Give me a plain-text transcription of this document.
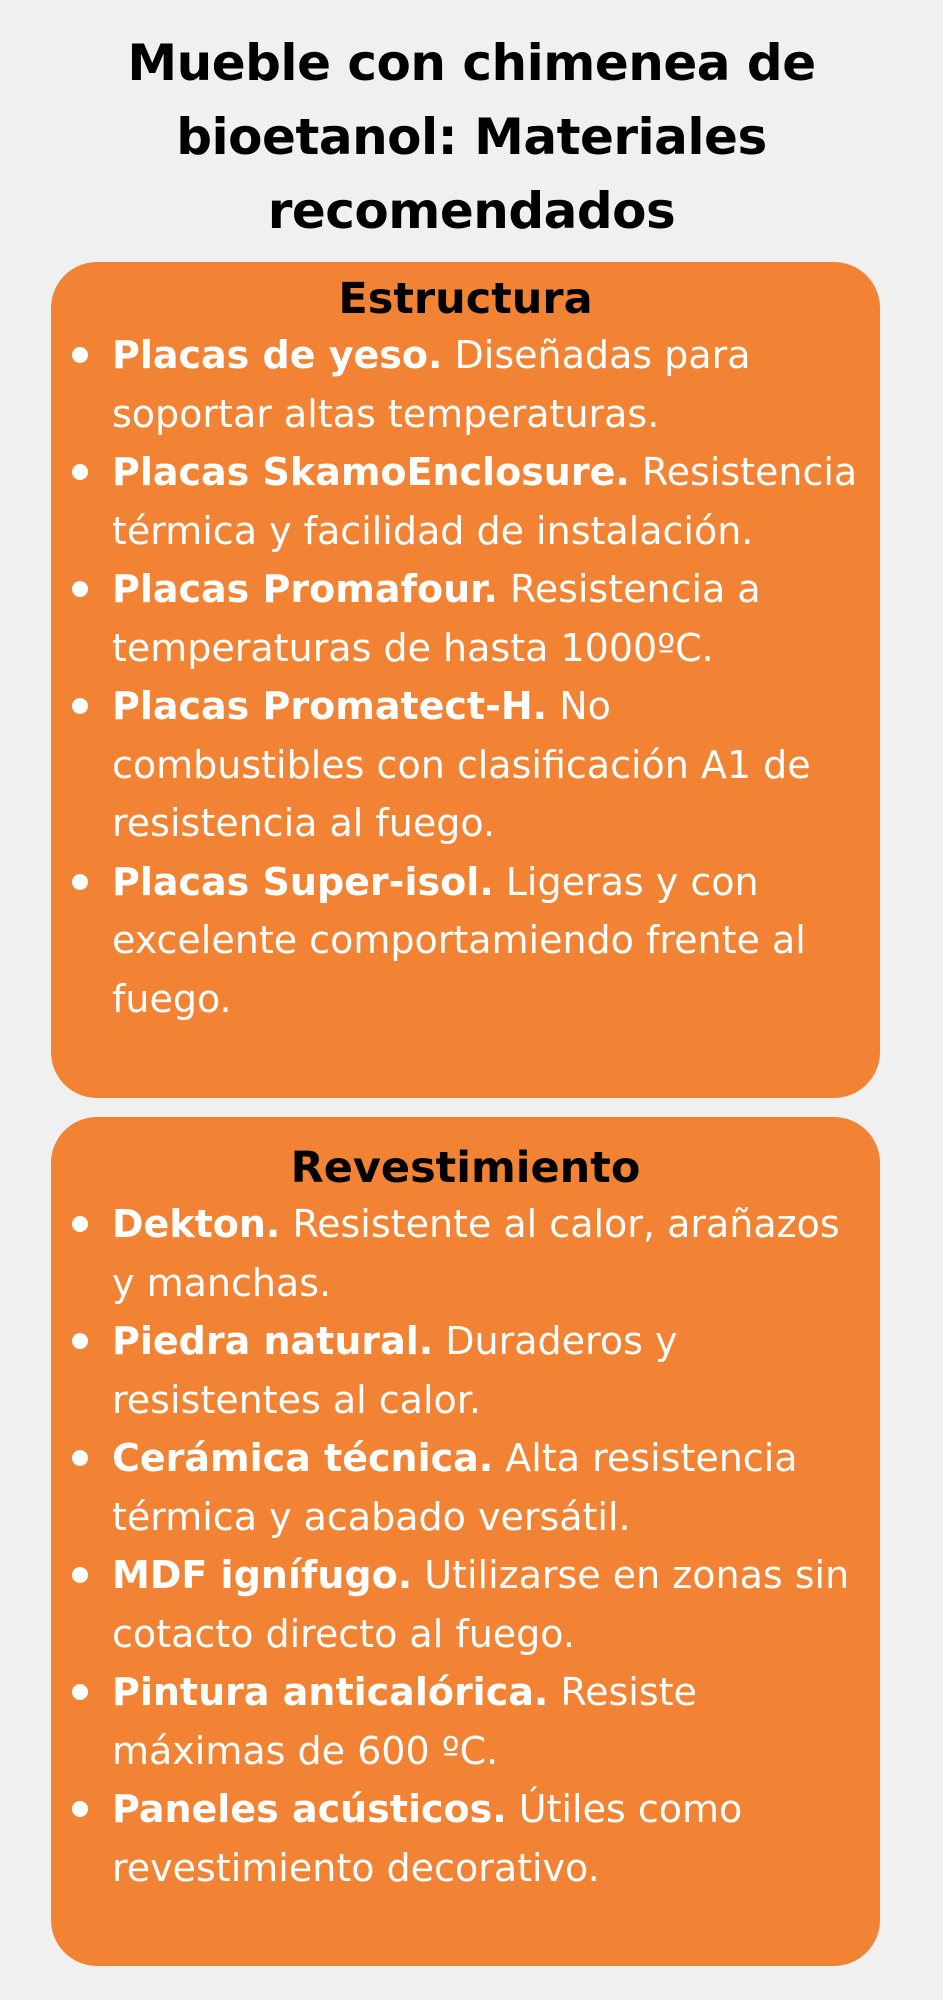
Mueble con chimenea de bioetanol: Materiales recomendados
Estructura
Placas de yeso. Diseñadas para soportar altas temperaturas.
Placas SkamoEnclosure. Resistencia térmica y facilidad de instalación.
Placas Promafour. Resistencia a temperaturas de hasta 1000ºC.
Placas Promatect-H. No combustibles con clasificación A1 de resistencia al fuego.
Placas Super-isol. Ligeras y con excelente comportamiendo frente al fuego.
Revestimiento
Dekton. Resistente al calor, arañazos y manchas.
Piedra natural. Duraderos y resistentes al calor.
Cerámica técnica. Alta resistencia térmica y acabado versátil.
MDF ignífugo. Utilizarse en zonas sin cotacto directo al fuego.
Pintura anticalórica. Resiste máximas de 600 ºC.
Paneles acústicos. Útiles como revestimiento decorativo.
